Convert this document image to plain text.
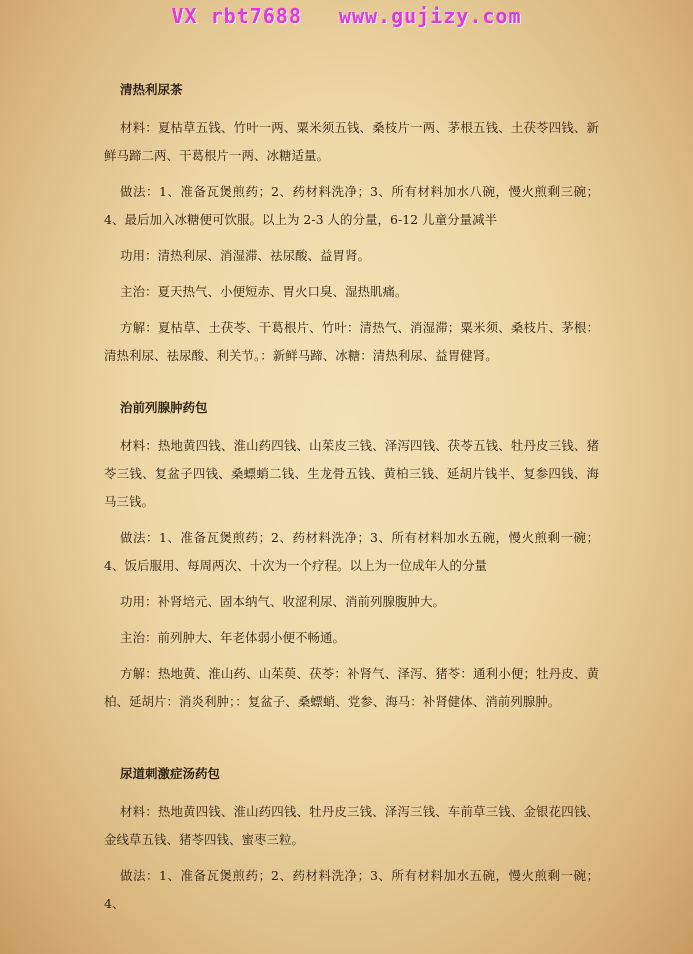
VX rbt7688 www.gujizy.com
清热利尿茶

材料：夏枯草五钱、竹叶一两、粟米须五钱、桑枝片一两、茅根五钱、土茯苓四钱、新鲜马蹄二两、干葛根片一两、冰糖适量。

做法：1、准备瓦煲煎药；2、药材料洗净；3、所有材料加水八碗，慢火煎剩三碗；4、最后加入冰糖便可饮服。以上为 2-3 人的分量，6-12 儿童分量减半

功用：清热利尿、消湿滞、祛尿酸、益胃肾。

主治：夏天热气、小便短赤、胃火口臭、湿热肌痛。

方解：夏枯草、土茯苓、干葛根片、竹叶：清热气、消湿滞；粟米须、桑枝片、茅根：清热利尿、祛尿酸、利关节。：新鲜马蹄、冰糖：清热利尿、益胃健肾。

治前列腺肿药包

材料：热地黄四钱、淮山药四钱、山茱皮三钱、泽泻四钱、茯苓五钱、牡丹皮三钱、猪苓三钱、复盆子四钱、桑螵蛸二钱、生龙骨五钱、黄柏三钱、延胡片钱半、复参四钱、海马三钱。

做法：1、准备瓦煲煎药；2、药材料洗净；3、所有材料加水五碗，慢火煎剩一碗；4、饭后服用、每周两次、十次为一个疗程。以上为一位成年人的分量

功用：补肾培元、固本纳气、收涩利尿、消前列腺腹肿大。

主治：前列肿大、年老体弱小便不畅通。

方解：热地黄、淮山药、山茱萸、茯苓：补肾气、泽泻、猪苓：通利小便；牡丹皮、黄柏、延胡片：消炎利肿；：复盆子、桑螵蛸、党参、海马：补肾健体、消前列腺肿。

尿道刺激症汤药包

材料：热地黄四钱、淮山药四钱、牡丹皮三钱、泽泻三钱、车前草三钱、金银花四钱、金线草五钱、猪苓四钱、蜜枣三粒。

做法：1、准备瓦煲煎药；2、药材料洗净；3、所有材料加水五碗，慢火煎剩一碗；4、
